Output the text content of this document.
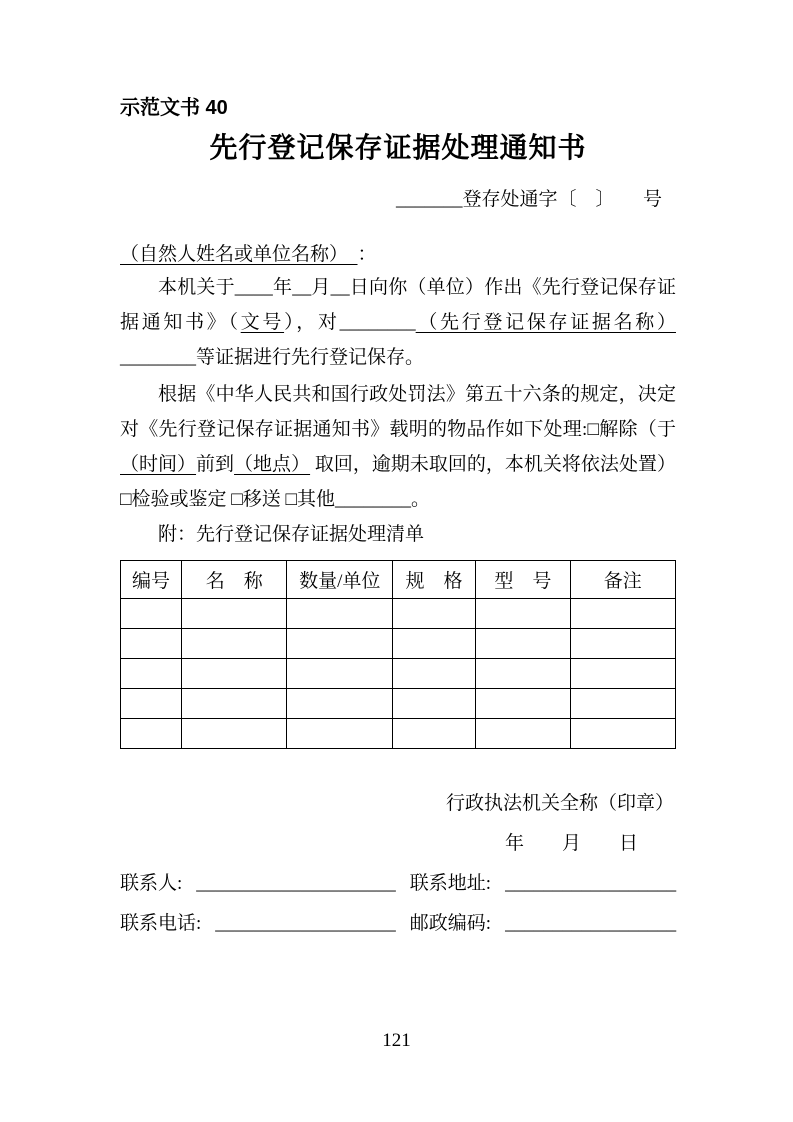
示范文书 40
先行登记保存证据处理通知书
_______登存处通字〔　〕　　号
（自然人姓名或单位名称）　：

本机关于____年__月__日向你（单位）作出《先行登记保存证据通知书》（文号），对________（先行登记保存证据名称）________等证据进行先行登记保存。

根据《中华人民共和国行政处罚法》第五十六条的规定，决定对《先行登记保存证据通知书》载明的物品作如下处理:□解除（于（时间）前到（地点） 取回，逾期未取回的，本机关将依法处置） □检验或鉴定 □移送 □其他________。

附：先行登记保存证据处理清单
编号	名　称	数量/单位	规　格	型　号	备注

行政执法机关全称（印章）
年　　月　　日
联系人: _____________________ 联系地址: __________________
联系电话: ___________________ 邮政编码: __________________
121
